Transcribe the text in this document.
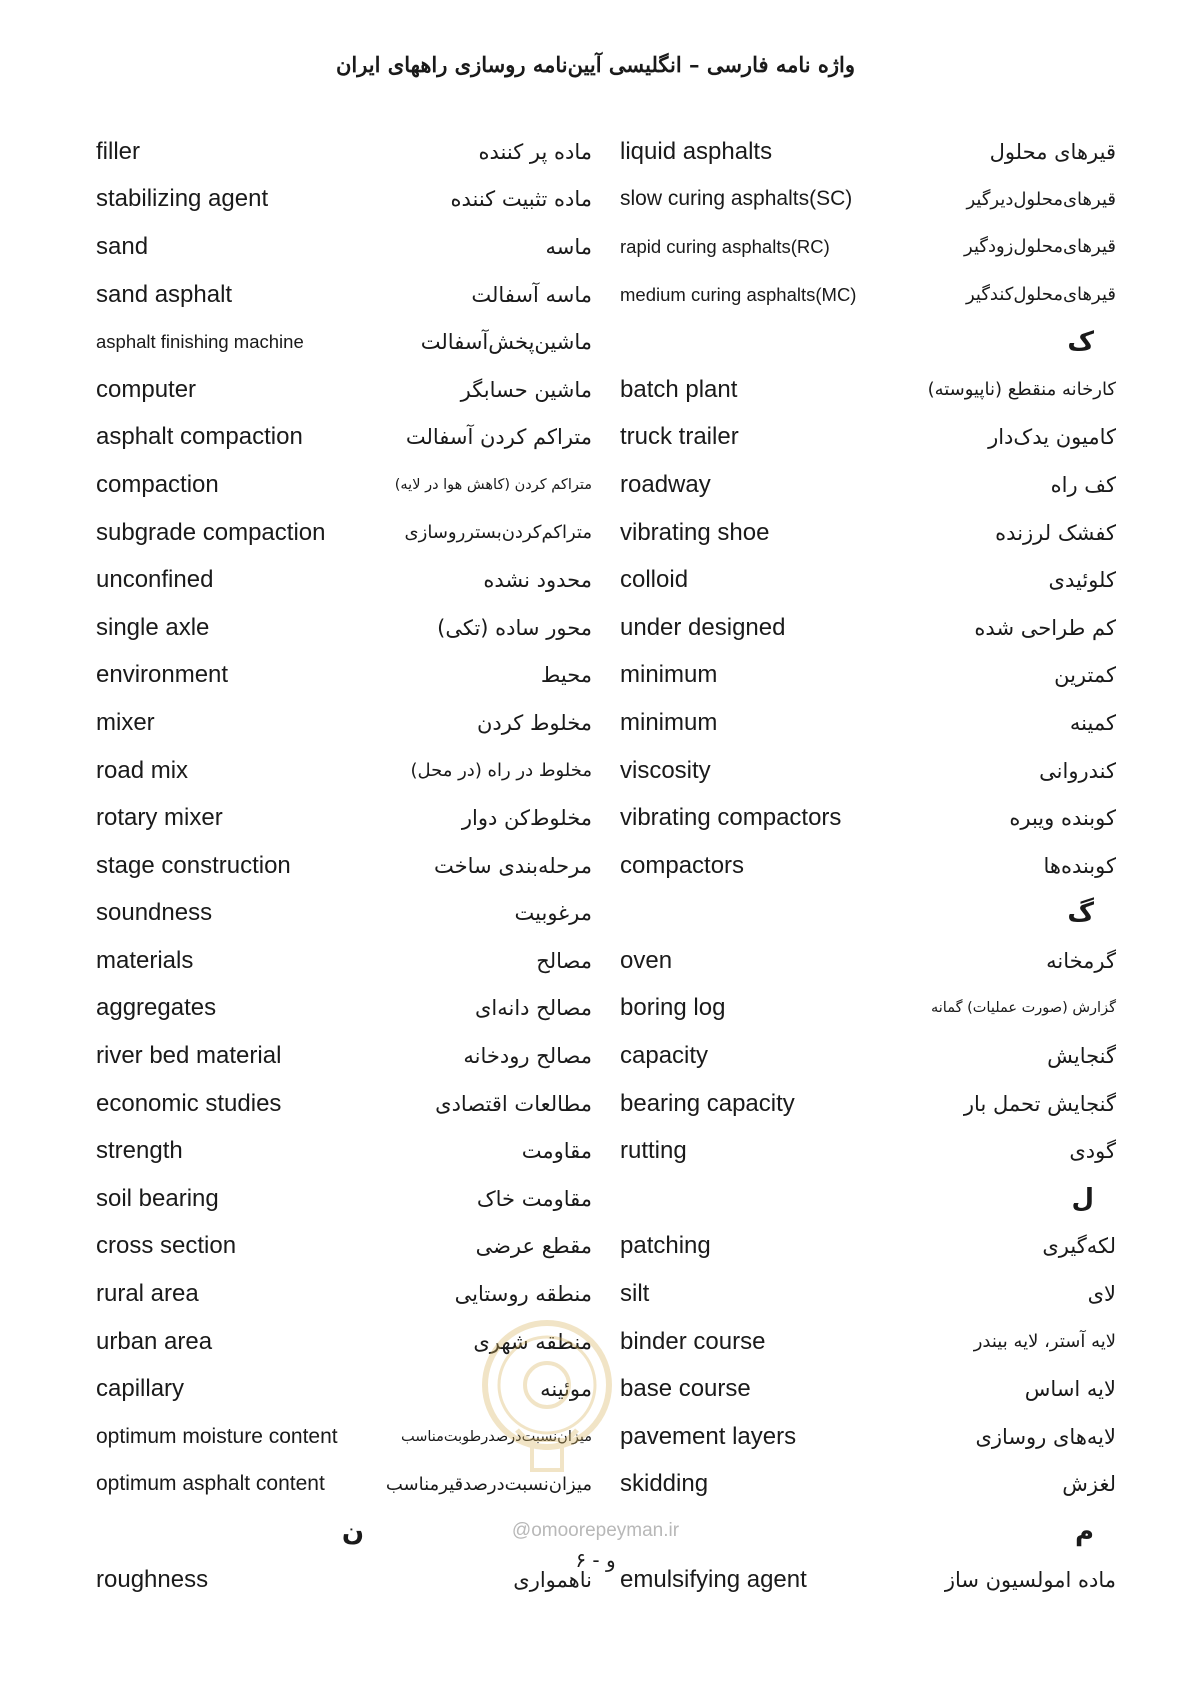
واژه نامه فارسی – انگلیسی آیین‌نامه روسازی راههای ایران
filler	ماده پر کننده
stabilizing agent	ماده تثبیت کننده
sand	ماسه
sand asphalt	ماسه آسفالت
asphalt finishing machine	ماشین‌پخش‌آسفالت
computer	ماشین حسابگر
asphalt compaction	متراکم کردن آسفالت
compaction	متراکم کردن (کاهش هوا در لایه)
subgrade compaction	متراکم‌کردن‌بستر‌روسازی
unconfined	محدود نشده
single axle	محور ساده (تکی)
environment	محیط
mixer	مخلوط کردن
road mix	مخلوط در راه (در محل)
rotary mixer	مخلوط‌کن دوار
stage construction	مرحله‌بندی ساخت
soundness	مرغوبیت
materials	مصالح
aggregates	مصالح دانه‌ای
river bed material	مصالح رودخانه
economic studies	مطالعات اقتصادی
strength	مقاومت
soil bearing	مقاومت خاک
cross section	مقطع عرضی
rural area	منطقه روستایی
urban area	منطقه شهری
capillary	موئینه
optimum moisture content	میزان‌نسبت‌درصدرطوبت‌مناسب
optimum asphalt content	میزان‌نسبت‌درصدقیر‌مناسب
ن
roughness	ناهمواری
liquid asphalts	قیرهای محلول
slow curing asphalts(SC)	قیرهای‌محلول‌دیرگیر
rapid curing asphalts(RC)	قیرهای‌محلول‌زودگیر
medium curing asphalts(MC)	قیرهای‌محلول‌کندگیر
ک
batch plant	کارخانه منقطع (ناپیوسته)
truck trailer	کامیون یدک‌دار
roadway	کف راه
vibrating shoe	کفشک لرزنده
colloid	کلوئیدی
under designed	کم طراحی شده
minimum	کمترین
minimum	کمینه
viscosity	کندروانی
vibrating compactors	کوبنده ویبره
compactors	کوبنده‌ها
گ
oven	گرمخانه
boring log	گزارش (صورت عملیات) گمانه
capacity	گنجایش
bearing capacity	گنجایش تحمل بار
rutting	گودی
ل
patching	لکه‌گیری
silt	لای
binder course	لایه آستر، لایه بیندر
base course	لایه اساس
pavement layers	لایه‌های روسازی
skidding	لغزش
م
emulsifying agent	ماده امولسیون ساز
@omoorepeyman.ir
و - ۶
